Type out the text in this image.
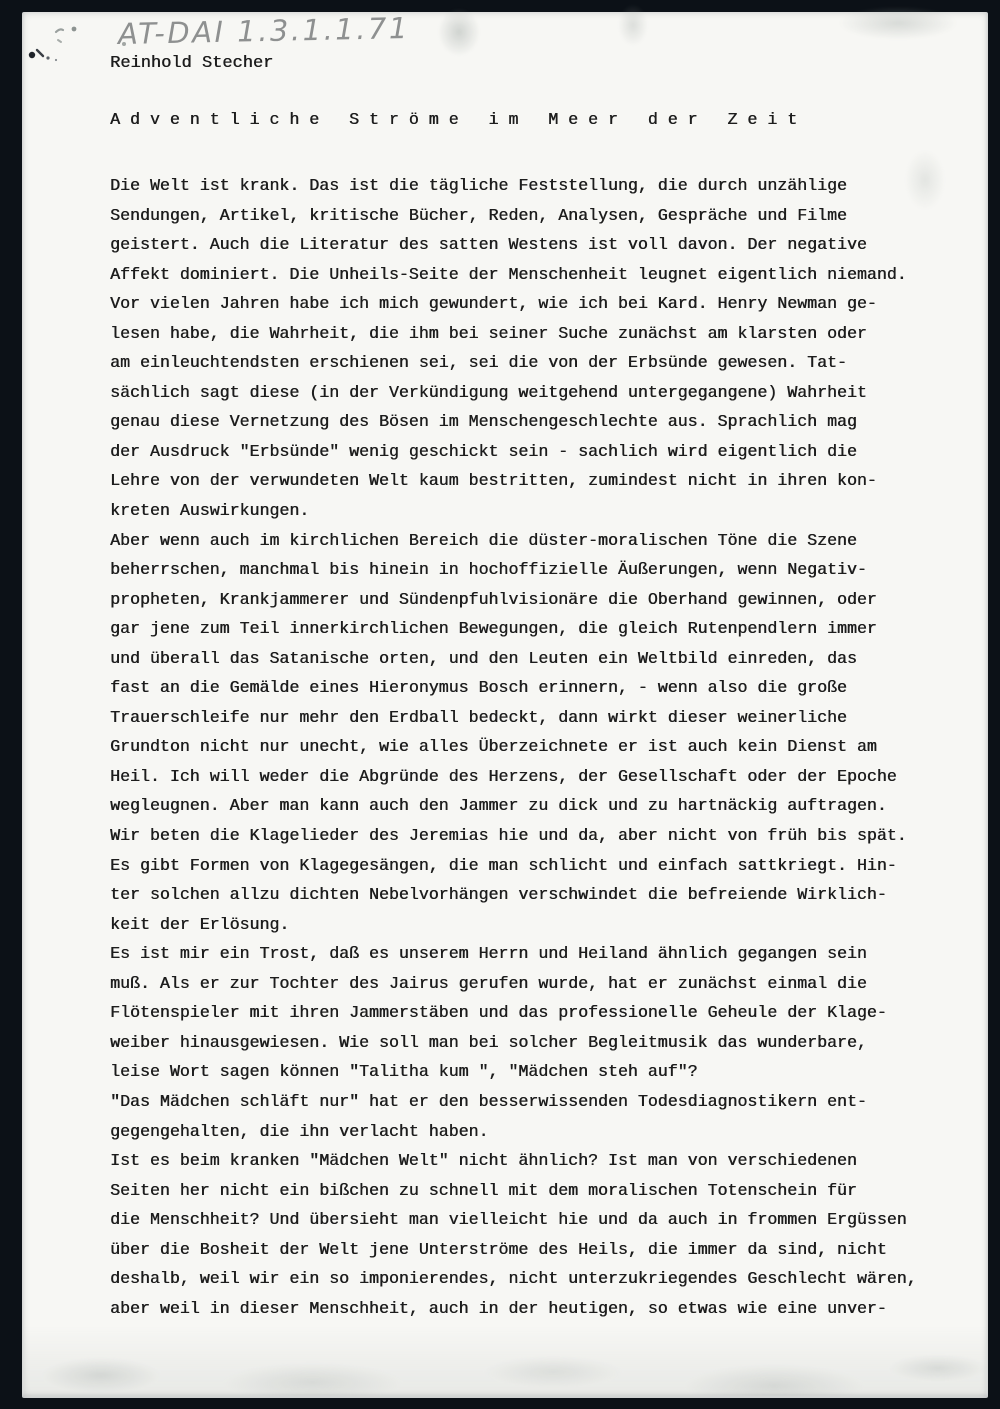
AT-DAI 1.3.1.1.71
Reinhold Stecher
A d v e n t l i c h e   S t r ö m e   i m   M e e r   d e r   Z e i t
Die Welt ist krank. Das ist die tägliche Feststellung, die durch unzählige
Sendungen, Artikel, kritische Bücher, Reden, Analysen, Gespräche und Filme
geistert. Auch die Literatur des satten Westens ist voll davon. Der negative
Affekt dominiert. Die Unheils-Seite der Menschenheit leugnet eigentlich niemand.
Vor vielen Jahren habe ich mich gewundert, wie ich bei Kard. Henry Newman ge-
lesen habe, die Wahrheit, die ihm bei seiner Suche zunächst am klarsten oder
am einleuchtendsten erschienen sei, sei die von der Erbsünde gewesen. Tat-
sächlich sagt diese (in der Verkündigung weitgehend untergegangene) Wahrheit
genau diese Vernetzung des Bösen im Menschengeschlechte aus. Sprachlich mag
der Ausdruck "Erbsünde" wenig geschickt sein - sachlich wird eigentlich die
Lehre von der verwundeten Welt kaum bestritten, zumindest nicht in ihren kon-
kreten Auswirkungen.
Aber wenn auch im kirchlichen Bereich die düster-moralischen Töne die Szene
beherrschen, manchmal bis hinein in hochoffizielle Äußerungen, wenn Negativ-
propheten, Krankjammerer und Sündenpfuhlvisionäre die Oberhand gewinnen, oder
gar jene zum Teil innerkirchlichen Bewegungen, die gleich Rutenpendlern immer
und überall das Satanische orten, und den Leuten ein Weltbild einreden, das
fast an die Gemälde eines Hieronymus Bosch erinnern, - wenn also die große
Trauerschleife nur mehr den Erdball bedeckt, dann wirkt dieser weinerliche
Grundton nicht nur unecht, wie alles Überzeichnete er ist auch kein Dienst am
Heil. Ich will weder die Abgründe des Herzens, der Gesellschaft oder der Epoche
wegleugnen. Aber man kann auch den Jammer zu dick und zu hartnäckig auftragen.
Wir beten die Klagelieder des Jeremias hie und da, aber nicht von früh bis spät.
Es gibt Formen von Klagegesängen, die man schlicht und einfach sattkriegt. Hin-
ter solchen allzu dichten Nebelvorhängen verschwindet die befreiende Wirklich-
keit der Erlösung.
Es ist mir ein Trost, daß es unserem Herrn und Heiland ähnlich gegangen sein
muß. Als er zur Tochter des Jairus gerufen wurde, hat er zunächst einmal die
Flötenspieler mit ihren Jammerstäben und das professionelle Geheule der Klage-
weiber hinausgewiesen. Wie soll man bei solcher Begleitmusik das wunderbare,
leise Wort sagen können "Talitha kum ", "Mädchen steh auf"?
"Das Mädchen schläft nur" hat er den besserwissenden Todesdiagnostikern ent-
gegengehalten, die ihn verlacht haben.
Ist es beim kranken "Mädchen Welt" nicht ähnlich? Ist man von verschiedenen
Seiten her nicht ein bißchen zu schnell mit dem moralischen Totenschein für
die Menschheit? Und übersieht man vielleicht hie und da auch in frommen Ergüssen
über die Bosheit der Welt jene Unterströme des Heils, die immer da sind, nicht
deshalb, weil wir ein so imponierendes, nicht unterzukriegendes Geschlecht wären,
aber weil in dieser Menschheit, auch in der heutigen, so etwas wie eine unver-
